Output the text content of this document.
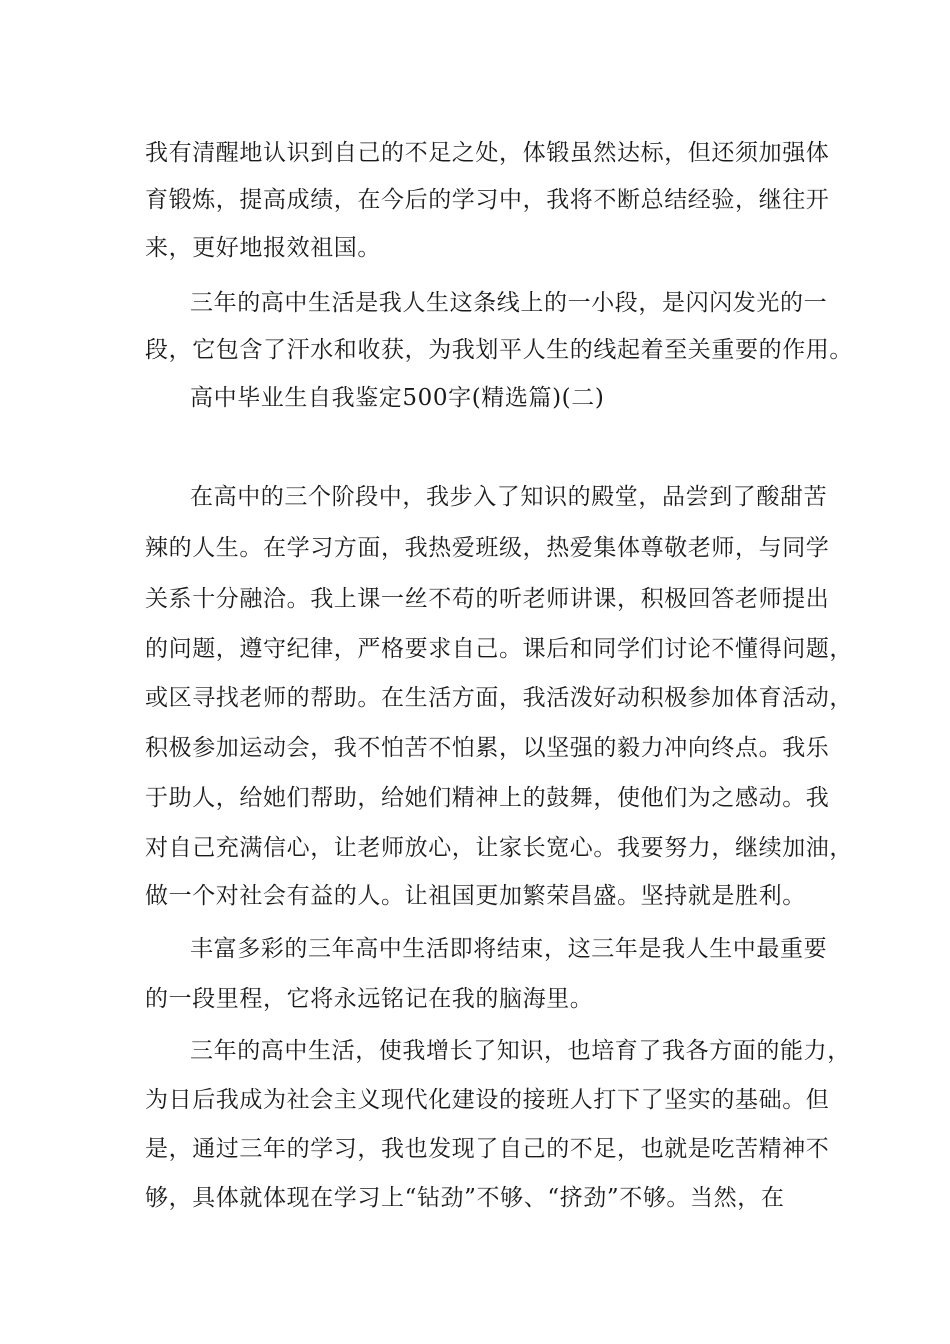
我有清醒地认识到自己的不足之处，体锻虽然达标，但还须加强体
育锻炼，提高成绩，在今后的学习中，我将不断总结经验，继往开
来，更好地报效祖国。
三年的高中生活是我人生这条线上的一小段，是闪闪发光的一
段，它包含了汗水和收获，为我划平人生的线起着至关重要的作用。
高中毕业生自我鉴定500字(精选篇)(二)
在高中的三个阶段中，我步入了知识的殿堂，品尝到了酸甜苦
辣的人生。在学习方面，我热爱班级，热爱集体尊敬老师，与同学
关系十分融洽。我上课一丝不苟的听老师讲课，积极回答老师提出
的问题，遵守纪律，严格要求自己。课后和同学们讨论不懂得问题，
或区寻找老师的帮助。在生活方面，我活泼好动积极参加体育活动，
积极参加运动会，我不怕苦不怕累，以坚强的毅力冲向终点。我乐
于助人，给她们帮助，给她们精神上的鼓舞，使他们为之感动。我
对自己充满信心，让老师放心，让家长宽心。我要努力，继续加油，
做一个对社会有益的人。让祖国更加繁荣昌盛。坚持就是胜利。
丰富多彩的三年高中生活即将结束，这三年是我人生中最重要
的一段里程，它将永远铭记在我的脑海里。
三年的高中生活，使我增长了知识，也培育了我各方面的能力，
为日后我成为社会主义现代化建设的接班人打下了坚实的基础。但
是，通过三年的学习，我也发现了自己的不足，也就是吃苦精神不
够，具体就体现在学习上“钻劲”不够、“挤劲”不够。当然，在
